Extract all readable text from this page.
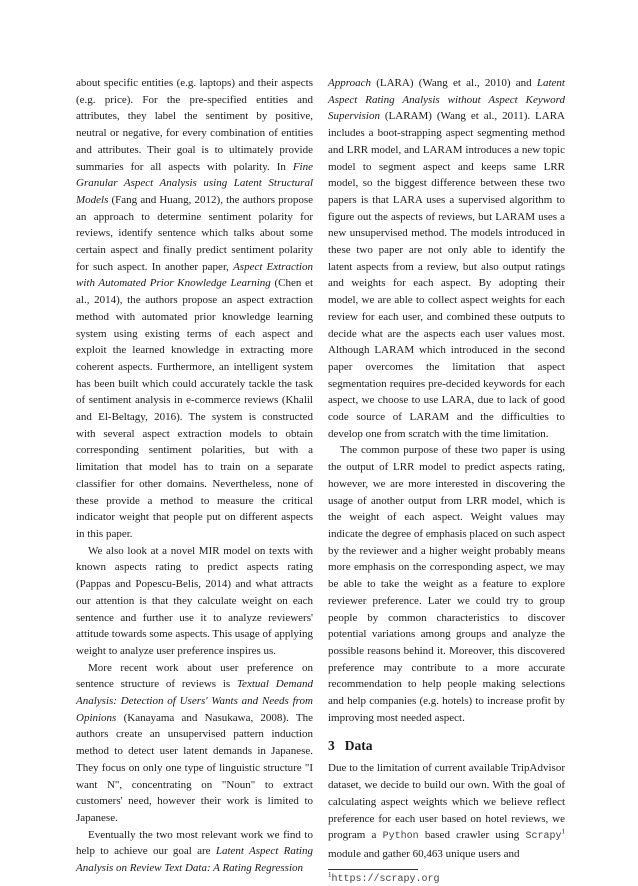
about specific entities (e.g. laptops) and their aspects (e.g. price). For the pre-specified entities and attributes, they label the sentiment by positive, neutral or negative, for every combination of entities and attributes. Their goal is to ultimately provide summaries for all aspects with polarity. In Fine Granular Aspect Analysis using Latent Structural Models (Fang and Huang, 2012), the authors propose an approach to determine sentiment polarity for reviews, identify sentence which talks about some certain aspect and finally predict sentiment polarity for such aspect. In another paper, Aspect Extraction with Automated Prior Knowledge Learning (Chen et al., 2014), the authors propose an aspect extraction method with automated prior knowledge learning system using existing terms of each aspect and exploit the learned knowledge in extracting more coherent aspects. Furthermore, an intelligent system has been built which could accurately tackle the task of sentiment analysis in e-commerce reviews (Khalil and El-Beltagy, 2016). The system is constructed with several aspect extraction models to obtain corresponding sentiment polarities, but with a limitation that model has to train on a separate classifier for other domains. Nevertheless, none of these provide a method to measure the critical indicator weight that people put on different aspects in this paper.

We also look at a novel MIR model on texts with known aspects rating to predict aspects rating (Pappas and Popescu-Belis, 2014) and what attracts our attention is that they calculate weight on each sentence and further use it to analyze reviewers' attitude towards some aspects. This usage of applying weight to analyze user preference inspires us.

More recent work about user preference on sentence structure of reviews is Textual Demand Analysis: Detection of Users' Wants and Needs from Opinions (Kanayama and Nasukawa, 2008). The authors create an unsupervised pattern induction method to detect user latent demands in Japanese. They focus on only one type of linguistic structure "I want N", concentrating on "Noun" to extract customers' need, however their work is limited to Japanese.

Eventually the two most relevant work we find to help to achieve our goal are Latent Aspect Rating Analysis on Review Text Data: A Rating Regression

Approach (LARA) (Wang et al., 2010) and Latent Aspect Rating Analysis without Aspect Keyword Supervision (LARAM) (Wang et al., 2011). LARA includes a boot-strapping aspect segmenting method and LRR model, and LARAM introduces a new topic model to segment aspect and keeps same LRR model, so the biggest difference between these two papers is that LARA uses a supervised algorithm to figure out the aspects of reviews, but LARAM uses a new unsupervised method. The models introduced in these two paper are not only able to identify the latent aspects from a review, but also output ratings and weights for each aspect. By adopting their model, we are able to collect aspect weights for each review for each user, and combined these outputs to decide what are the aspects each user values most. Although LARAM which introduced in the second paper overcomes the limitation that aspect segmentation requires pre-decided keywords for each aspect, we choose to use LARA, due to lack of good code source of LARAM and the difficulties to develop one from scratch with the time limitation.

The common purpose of these two paper is using the output of LRR model to predict aspects rating, however, we are more interested in discovering the usage of another output from LRR model, which is the weight of each aspect. Weight values may indicate the degree of emphasis placed on such aspect by the reviewer and a higher weight probably means more emphasis on the corresponding aspect, we may be able to take the weight as a feature to explore reviewer preference. Later we could try to group people by common characteristics to discover potential variations among groups and analyze the possible reasons behind it. Moreover, this discovered preference may contribute to a more accurate recommendation to help people making selections and help companies (e.g. hotels) to increase profit by improving most needed aspect.

3 Data

Due to the limitation of current available TripAdvisor dataset, we decide to build our own. With the goal of calculating aspect weights which we believe reflect preference for each user based on hotel reviews, we program a Python based crawler using Scrapy$^1$ module and gather 60,463 unique users and

$^1$https://scrapy.org
